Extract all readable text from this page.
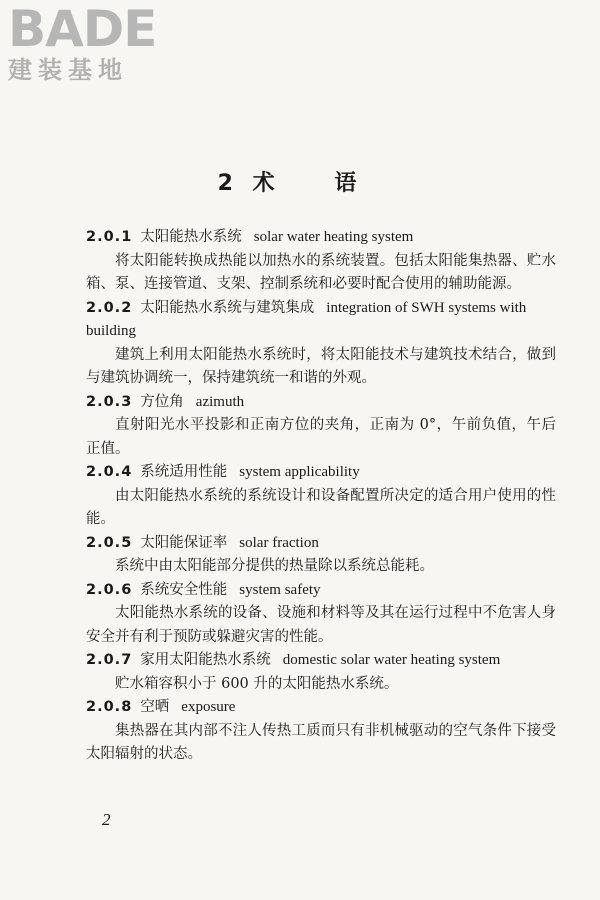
BADE
建装基地
2 术 语

2.0.1 太阳能热水系统 solar water heating system

将太阳能转换成热能以加热水的系统装置。包括太阳能集热器、贮水箱、泵、连接管道、支架、控制系统和必要时配合使用的辅助能源。

2.0.2 太阳能热水系统与建筑集成 integration of SWH systems with building

建筑上利用太阳能热水系统时，将太阳能技术与建筑技术结合，做到与建筑协调统一，保持建筑统一和谐的外观。

2.0.3 方位角 azimuth

直射阳光水平投影和正南方位的夹角，正南为 0°，午前负值，午后正值。

2.0.4 系统适用性能 system applicability

由太阳能热水系统的系统设计和设备配置所决定的适合用户使用的性能。

2.0.5 太阳能保证率 solar fraction

系统中由太阳能部分提供的热量除以系统总能耗。

2.0.6 系统安全性能 system safety

太阳能热水系统的设备、设施和材料等及其在运行过程中不危害人身安全并有利于预防或躲避灾害的性能。

2.0.7 家用太阳能热水系统 domestic solar water heating system

贮水箱容积小于 600 升的太阳能热水系统。

2.0.8 空晒 exposure

集热器在其内部不注人传热工质而只有非机械驱动的空气条件下接受太阳辐射的状态。

2
